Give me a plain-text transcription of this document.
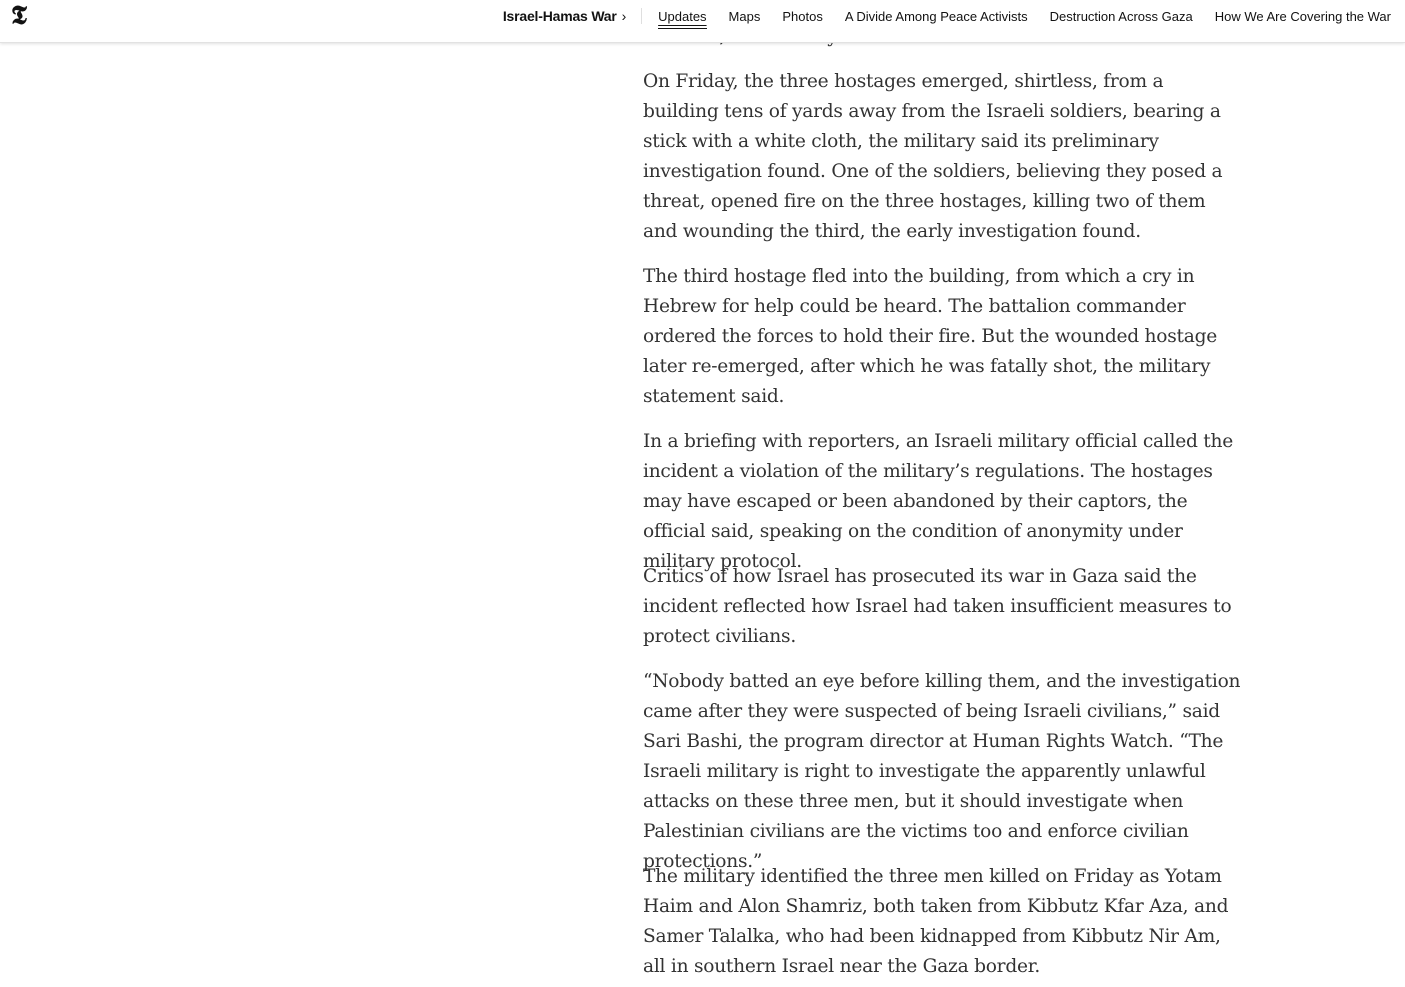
On Friday, the three hostages emerged, shirtless, from a building tens of yards away from the Israeli soldiers, bearing a stick with a white cloth, the military said its preliminary investigation found. One of the soldiers, believing they posed a threat, opened fire on the three hostages, killing two of them and wounding the third, the early investigation found.

The third hostage fled into the building, from which a cry in Hebrew for help could be heard. The battalion commander ordered the forces to hold their fire. But the wounded hostage later re-emerged, after which he was fatally shot, the military statement said.

In a briefing with reporters, an Israeli military official called the incident a violation of the military’s regulations. The hostages may have escaped or been abandoned by their captors, the official said, speaking on the condition of anonymity under military protocol.

Critics of how Israel has prosecuted its war in Gaza said the incident reflected how Israel had taken insufficient measures to protect civilians.

“Nobody batted an eye before killing them, and the investigation came after they were suspected of being Israeli civilians,” said Sari Bashi, the program director at Human Rights Watch. “The Israeli military is right to investigate the apparently unlawful attacks on these three men, but it should investigate when Palestinian civilians are the victims too and enforce civilian protections.”

The military identified the three men killed on Friday as Yotam Haim and Alon Shamriz, both taken from Kibbutz Kfar Aza, and Samer Talalka, who had been kidnapped from Kibbutz Nir Am, all in southern Israel near the Gaza border.

𝕿	Israel-Hamas War › Updates Maps Photos A Divide Among Peace Activists Destruction Across Gaza How We Are Covering the War
